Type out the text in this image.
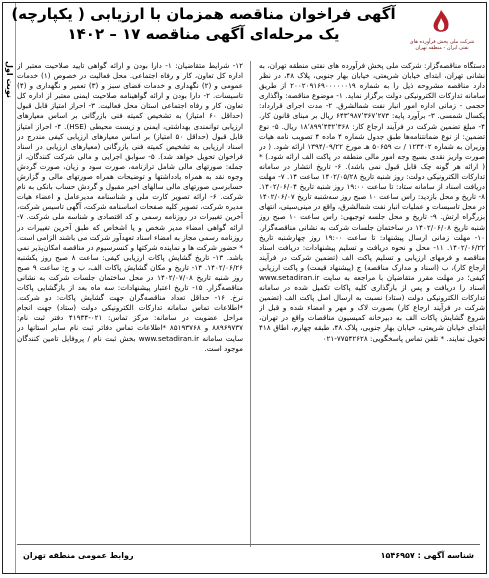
نوبت اول
آگهی فراخوان مناقصه همزمان با ارزیابی ( یکپارچه)
یک مرحله‌ای آگهی مناقصه ۱۷ – ۱۴۰۲	شرکت ملی پخش فرآورده های نفتی ایران - منطقه تهران

دستگاه مناقصه‌گزار: شرکت ملی پخش فرآورده های نفتی منطقه تهران، به نشانی تهران، ابتدای خیابان شریعتی، خیابان بهار جنوبی، پلاک ۴۸، در نظر دارد مناقصه مشروحه ذیل را به شماره ۲۰۰۲۰۹۱۶۹۰۰۰۰۰۰۱۹ از طریق سامانه تدارکات الکترونیکی دولت برگزار نماید. ۱- موضوع مناقصه: واگذاری حجمی - زمانی اداره امور انبار نفت شمالشرق. ۲- مدت اجرای قرارداد: یکسال شمسی. ۳- برآورد پایه: ۶۴۳٬۹۸۷٬۳۶۷٬۲۷۳ ریال بر مبنای قانون کار. ۴- مبلغ تضمین شرکت در فرآیند ارجاع کار: ۱۸٬۸۹۹٬۴۳۲٬۳۶۸ ریال. ۵- نوع تضمین: از نوع ضمانتنامه‌ها طبق جدول شماره ۴ ماده ۴ تصویب نامه هیات وزیران به شماره ۱۲۳۴۰۲ / ت ۵۰۶۵۹ هـ مورخ ۱۳۹۴/۰۹/۲۲ ارائه شود. ( در صورت واریز نقدی بسیج وجه امور مالی منطقه در پاکت الف ارائه شود.) * ( ارائه هر گونه چک قابل قبول نمی باشد). ۶- تاریخ انتشار در سامانه تدارکات الکترونیکی دولت: روز شنبه تاریخ ۱۴۰۲/۰۵/۲۸ ساعت ۱۴. ۷- مهلت دریافت اسناد از سامانه ستاد: تا ساعت ۱۹:۰۰ روز شنبه تاریخ ۱۴۰۲/۰۶/۰۴. ۸- تاریخ و محل بازدید: راس ساعت ۱۰ صبح روز سه‌شنبه تاریخ ۱۴۰۲/۰۶/۰۷ در محل تاسیسات و عملیات انبار نفت شمالشرق، واقع در مینی‌سیتی، انتهای بزرگراه ارتش. ۹- تاریخ و محل جلسه توجیهی: راس ساعت ۱۰ صبح روز شنبه تاریخ ۱۴۰۲/۰۶/۰۸ در ساختمان جلسات شرکت به نشانی مناقصه‌گزار. ۱۰- مهلت زمانی ارسال پیشنهاد: تا ساعت ۱۹:۰۰ روز چهارشنبه تاریخ ۱۴۰۲/۰۶/۲۲. ۱۱- محل و نحوه دریافت و تسلیم پیشنهادات: دریافت اسناد مناقصه و فرمهای ارزیابی و تسلیم پاکت الف (تضمین شرکت در فرآیند ارجاع کار)، ب (اسناد و مدارک مناقصه) ج (پیشنهاد قیمت) و پاکت ارزیابی کیفی؛ در مهلت مقرر متقاضیان با مراجعه به سایت www.setadiran.ir اسناد را دریافت و پس از بارگذاری کلیه پاکات تکمیل شده در سامانه تدارکات الکترونیکی دولت (ستاد) نسبت به ارسال اصل پاکت الف (تضمین شرکت در فرآیند ارجاع کار) بصورت لاک و مهر و امضاء شده و قبل از شروع گشایش پاکات الف به دبیرخانه کمیسیون مناقصات واقع در تهران، ابتدای خیابان شریعتی، خیابان بهار جنوبی، پلاک ۴۸، طبقه چهارم، اطاق ۴۱۸ تحویل نمایند. * تلفن تماس پاسخگویی: ۷۷۵۴۲۶۲۸-۰۲۱

۱۲- شرایط متقاضیان: ۱- دارا بودن و ارائه گواهی تایید صلاحیت معتبر از اداره کل تعاون، کار و رفاه اجتماعی. محل فعالیت در خصوص (۱) خدمات عمومی و (۲) نگهداری و خدمات فضای سبز و (۳) تعمیر و نگهداری و (۴) تاسیسات. ۲- دارا بودن و ارائه گواهینامه صلاحیت ایمنی معتبر از اداره کل تعاون، کار و رفاه اجتماعی استان محل فعالیت. ۳- احراز امتیاز قابل قبول (حداقل ۶۰ امتیاز) به تشخیص کمیته فنی بازرگانی بر اساس معیارهای ارزیابی توانمندی بهداشتی، ایمنی و زیست محیطی (HSE). ۴- احراز امتیاز قابل قبول (حداقل ۵۰ امتیاز) بر اساس معیارهای ارزیابی کیفی مندرج در اسناد ارزیابی به تشخیص کمیته فنی بازرگانی (معیارهای ارزیابی در اسناد فراخوان تحویل خواهد شد). ۵- سوابق اجرایی و مالی شرکت کنندگان، از جمله: صورتهای مالی شامل ترازنامه، صورت سود و زیان، صورت گردش وجوه نقد به همراه یادداشتها و توضیحات همراه صورتهای مالی و گزارش حسابرسی صورتهای مالی سالهای اخیر مقبول و گردش حساب بانکی به نام شرکت. ۶- ارائه تصویر کارت ملی و شناسنامه مدیرعامل و اعضاء هیات مدیره شرکت، تصویر کلیه صفحات اساسنامه شرکت، آگهی تاسیس شرکت، آخرین تغییرات در روزنامه رسمی و کد اقتصادی و شناسه ملی شرکت. ۷- ارائه گواهی امضاء مدیر شخص و یا اشخاص که طبق آخرین تغییرات در روزنامه رسمی مجاز به امضاء اسناد تعهدآور شرکت می باشند الزامی است. * حضور شرکت ها و نماینده شرکتها و کنسرسیوم در مناقصه امکان‌پذیر نمی باشد. ۱۳- تاریخ گشایش پاکات ارزیابی کیفی: ساعت ۸ صبح روز یکشنبه ۱۴۰۲/۰۶/۲۶. ۱۴- تاریخ و مکان گشایش پاکات الف، ب و ج: ساعت ۹ صبح روز شنبه تاریخ ۱۴۰۲/۰۷/۰۸ در محل ساختمان جلسات شرکت به نشانی مناقصه‌گزار. ۱۵- تاریخ اعتبار پیشنهادات: سه ماه بعد از بازگشایی پاکات نرخ. ۱۶- حداقل تعداد مناقصه‌گران جهت گشایش پاکات: دو شرکت. *اطلاعات تماس سامانه تدارکات الکترونیکی دولت (ستاد) جهت انجام مراحل عضویت در سامانه: مرکز تماس: ۰۲۱-۴۱۹۳۴ دفتر ثبت نام: ۸۸۹۶۹۷۳۷ و ۸۵۱۹۳۷۶۸ *اطلاعات تماس دفاتر ثبت نام سایر استانها در سایت سامانه www.setadiran.ir بخش ثبت نام / پروفایل تامین کنندگان موجود است.

شناسه آگهی : ۱۵۴۶۹۵۷
روابط عمومی منطقه تهران
